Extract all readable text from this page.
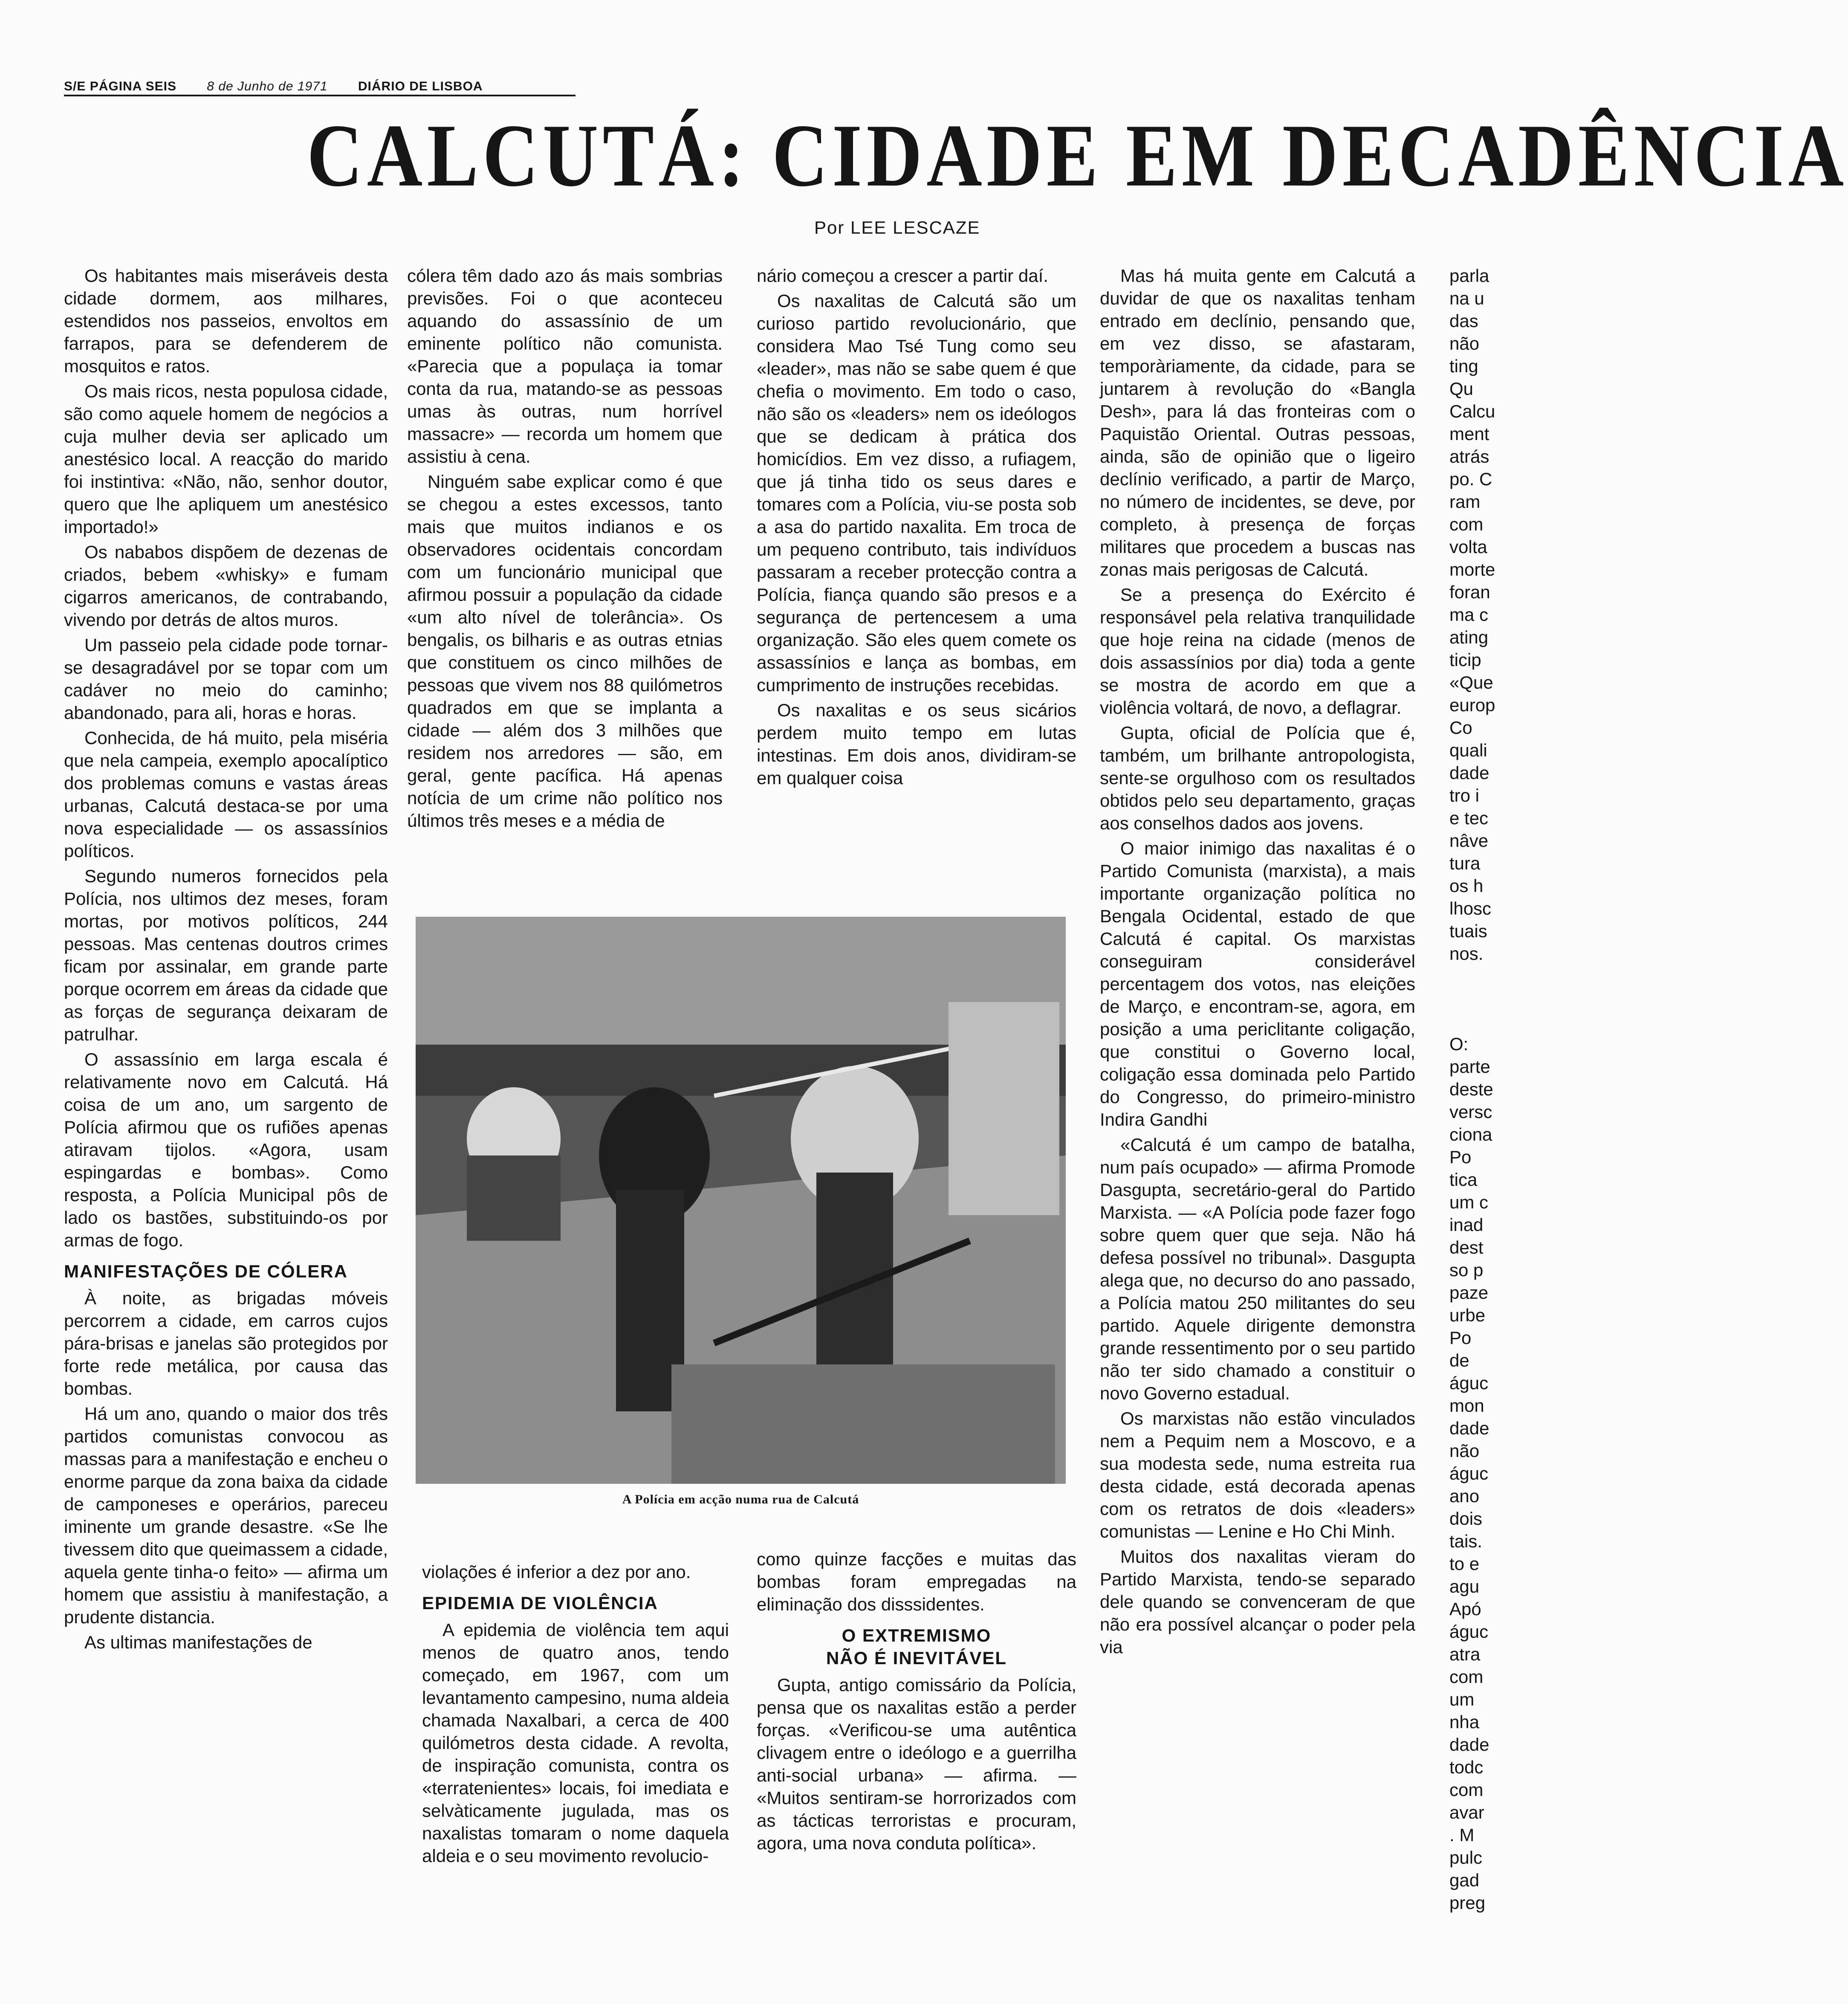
S/E PÁGINA SEIS 8 de Junho de 1971 DIÁRIO DE LISBOA
CALCUTÁ: CIDADE EM DECADÊNCIA
Por LEE LESCAZE

Os habitantes mais miseráveis desta cidade dormem, aos milhares, estendidos nos passeios, envoltos em farrapos, para se defenderem de mosquitos e ratos.

Os mais ricos, nesta populosa cidade, são como aquele homem de negócios a cuja mulher devia ser aplicado um anestésico local. A reacção do marido foi instintiva: «Não, não, senhor doutor, quero que lhe apliquem um anestésico importado!»

Os nababos dispõem de dezenas de criados, bebem «whisky» e fumam cigarros americanos, de contrabando, vivendo por detrás de altos muros.

Um passeio pela cidade pode tornar-se desagradável por se topar com um cadáver no meio do caminho; abandonado, para ali, horas e horas.

Conhecida, de há muito, pela miséria que nela campeia, exemplo apocalíptico dos problemas comuns e vastas áreas urbanas, Calcutá destaca-se por uma nova especialidade — os assassínios políticos.

Segundo numeros fornecidos pela Polícia, nos ultimos dez meses, foram mortas, por motivos políticos, 244 pessoas. Mas centenas doutros crimes ficam por assinalar, em grande parte porque ocorrem em áreas da cidade que as forças de segurança deixaram de patrulhar.

O assassínio em larga escala é relativamente novo em Calcutá. Há coisa de um ano, um sargento de Polícia afirmou que os rufiões apenas atiravam tijolos. «Agora, usam espingardas e bombas». Como resposta, a Polícia Municipal pôs de lado os bastões, substituindo-os por armas de fogo.

MANIFESTAÇÕES DE CÓLERA

À noite, as brigadas móveis percorrem a cidade, em carros cujos pára-brisas e janelas são protegidos por forte rede metálica, por causa das bombas.

Há um ano, quando o maior dos três partidos comunistas convocou as massas para a manifestação e encheu o enorme parque da zona baixa da cidade de camponeses e operários, pareceu iminente um grande desastre. «Se lhe tivessem dito que queimassem a cidade, aquela gente tinha-o feito» — afirma um homem que assistiu à manifestação, a prudente distancia.

As ultimas manifestações de

cólera têm dado azo ás mais sombrias previsões. Foi o que aconteceu aquando do assassínio de um eminente político não comunista. «Parecia que a populaça ia tomar conta da rua, matando-se as pessoas umas às outras, num horrível massacre» — recorda um homem que assistiu à cena.

Ninguém sabe explicar como é que se chegou a estes excessos, tanto mais que muitos indianos e os observadores ocidentais concordam com um funcionário municipal que afirmou possuir a população da cidade «um alto nível de tolerância». Os bengalis, os bilharis e as outras etnias que constituem os cinco milhões de pessoas que vivem nos 88 quilómetros quadrados em que se implanta a cidade — além dos 3 milhões que residem nos arredores — são, em geral, gente pacífica. Há apenas notícia de um crime não político nos últimos três meses e a média de

nário começou a crescer a partir daí.

Os naxalitas de Calcutá são um curioso partido revolucionário, que considera Mao Tsé Tung como seu «leader», mas não se sabe quem é que chefia o movimento. Em todo o caso, não são os «leaders» nem os ideólogos que se dedicam à prática dos homicídios. Em vez disso, a rufiagem, que já tinha tido os seus dares e tomares com a Polícia, viu-se posta sob a asa do partido naxalita. Em troca de um pequeno contributo, tais indivíduos passaram a receber protecção contra a Polícia, fiança quando são presos e a segurança de pertencesem a uma organização. São eles quem comete os assassínios e lança as bombas, em cumprimento de instruções recebidas.

Os naxalitas e os seus sicários perdem muito tempo em lutas intestinas. Em dois anos, dividiram-se em qualquer coisa

A Polícia em acção numa rua de Calcutá

violações é inferior a dez por ano.

EPIDEMIA DE VIOLÊNCIA

A epidemia de violência tem aqui menos de quatro anos, tendo começado, em 1967, com um levantamento campesino, numa aldeia chamada Naxalbari, a cerca de 400 quilómetros desta cidade. A revolta, de inspiração comunista, contra os «terratenientes» locais, foi imediata e selvàticamente jugulada, mas os naxalistas tomaram o nome daquela aldeia e o seu movimento revolucio-

como quinze facções e muitas das bombas foram empregadas na eliminação dos disssidentes.

O EXTREMISMO
NÃO É INEVITÁVEL

Gupta, antigo comissário da Polícia, pensa que os naxalitas estão a perder forças. «Verificou-se uma autêntica clivagem entre o ideólogo e a guerrilha anti-social urbana» — afirma. — «Muitos sentiram-se horrorizados com as tácticas terroristas e procuram, agora, uma nova conduta política».

Mas há muita gente em Calcutá a duvidar de que os naxalitas tenham entrado em declínio, pensando que, em vez disso, se afastaram, temporàriamente, da cidade, para se juntarem à revolução do «Bangla Desh», para lá das fronteiras com o Paquistão Oriental. Outras pessoas, ainda, são de opinião que o ligeiro declínio verificado, a partir de Março, no número de incidentes, se deve, por completo, à presença de forças militares que procedem a buscas nas zonas mais perigosas de Calcutá.

Se a presença do Exército é responsável pela relativa tranquilidade que hoje reina na cidade (menos de dois assassínios por dia) toda a gente se mostra de acordo em que a violência voltará, de novo, a deflagrar.

Gupta, oficial de Polícia que é, também, um brilhante antropologista, sente-se orgulhoso com os resultados obtidos pelo seu departamento, graças aos conselhos dados aos jovens.

O maior inimigo das naxalitas é o Partido Comunista (marxista), a mais importante organização política no Bengala Ocidental, estado de que Calcutá é capital. Os marxistas conseguiram considerável percentagem dos votos, nas eleições de Março, e encontram-se, agora, em posição a uma periclitante coligação, que constitui o Governo local, coligação essa dominada pelo Partido do Congresso, do primeiro-ministro Indira Gandhi

«Calcutá é um campo de batalha, num país ocupado» — afirma Promode Dasgupta, secretário-geral do Partido Marxista. — «A Polícia pode fazer fogo sobre quem quer que seja. Não há defesa possível no tribunal». Dasgupta alega que, no decurso do ano passado, a Polícia matou 250 militantes do seu partido. Aquele dirigente demonstra grande ressentimento por o seu partido não ter sido chamado a constituir o novo Governo estadual.

Os marxistas não estão vinculados nem a Pequim nem a Moscovo, e a sua modesta sede, numa estreita rua desta cidade, está decorada apenas com os retratos de dois «leaders» comunistas — Lenine e Ho Chi Minh.

Muitos dos naxalitas vieram do Partido Marxista, tendo-se separado dele quando se convenceram de que não era possível alcançar o poder pela via

parla
na u
das
não
ting
Qu
Calcu
ment
atrás
po. C
ram
com
volta
morte
foran
ma c
ating
ticip
«Que
europ
Co
quali
dade
tro i
e tec
nâve
tura
os h
lhosc
tuais
nos.
O:
parte
deste
versc
ciona
Po
tica
um c
inad
dest
so p
paze
urbe
Po
de
águc
mon
dade
não
águc
ano
dois
tais.
to e
agu
Apó
águc
atra
com
um
nha
dade
todc
com
avar
. M
pulc
gad
preg
